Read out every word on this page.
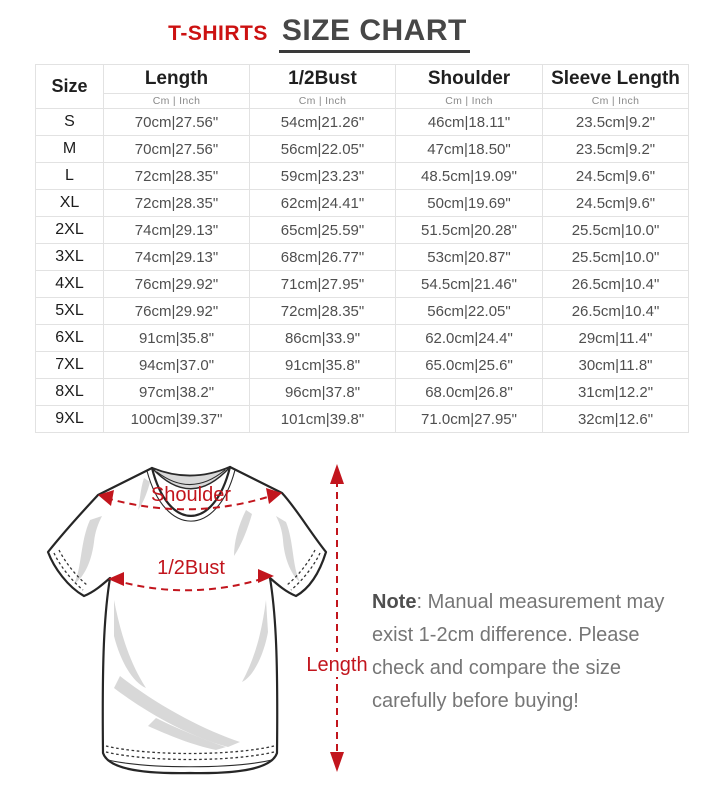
T-SHIRTS SIZE CHART
Size	Length	1/2Bust	Shoulder	Sleeve Length
	Cm | Inch	Cm | Inch	Cm | Inch	Cm | Inch
S	70cm|27.56"	54cm|21.26"	46cm|18.11"	23.5cm|9.2"
M	70cm|27.56"	56cm|22.05"	47cm|18.50"	23.5cm|9.2"
L	72cm|28.35"	59cm|23.23"	48.5cm|19.09"	24.5cm|9.6"
XL	72cm|28.35"	62cm|24.41"	50cm|19.69"	24.5cm|9.6"
2XL	74cm|29.13"	65cm|25.59"	51.5cm|20.28"	25.5cm|10.0"
3XL	74cm|29.13"	68cm|26.77"	53cm|20.87"	25.5cm|10.0"
4XL	76cm|29.92"	71cm|27.95"	54.5cm|21.46"	26.5cm|10.4"
5XL	76cm|29.92"	72cm|28.35"	56cm|22.05"	26.5cm|10.4"
6XL	91cm|35.8"	86cm|33.9"	62.0cm|24.4"	29cm|11.4"
7XL	94cm|37.0"	91cm|35.8"	65.0cm|25.6"	30cm|11.8"
8XL	97cm|38.2"	96cm|37.8"	68.0cm|26.8"	31cm|12.2"
9XL	100cm|39.37"	101cm|39.8"	71.0cm|27.95"	32cm|12.6"
Shoulder
1/2Bust
Length

Note: Manual measurement may exist 1-2cm difference. Please check and compare the size carefully before buying!
